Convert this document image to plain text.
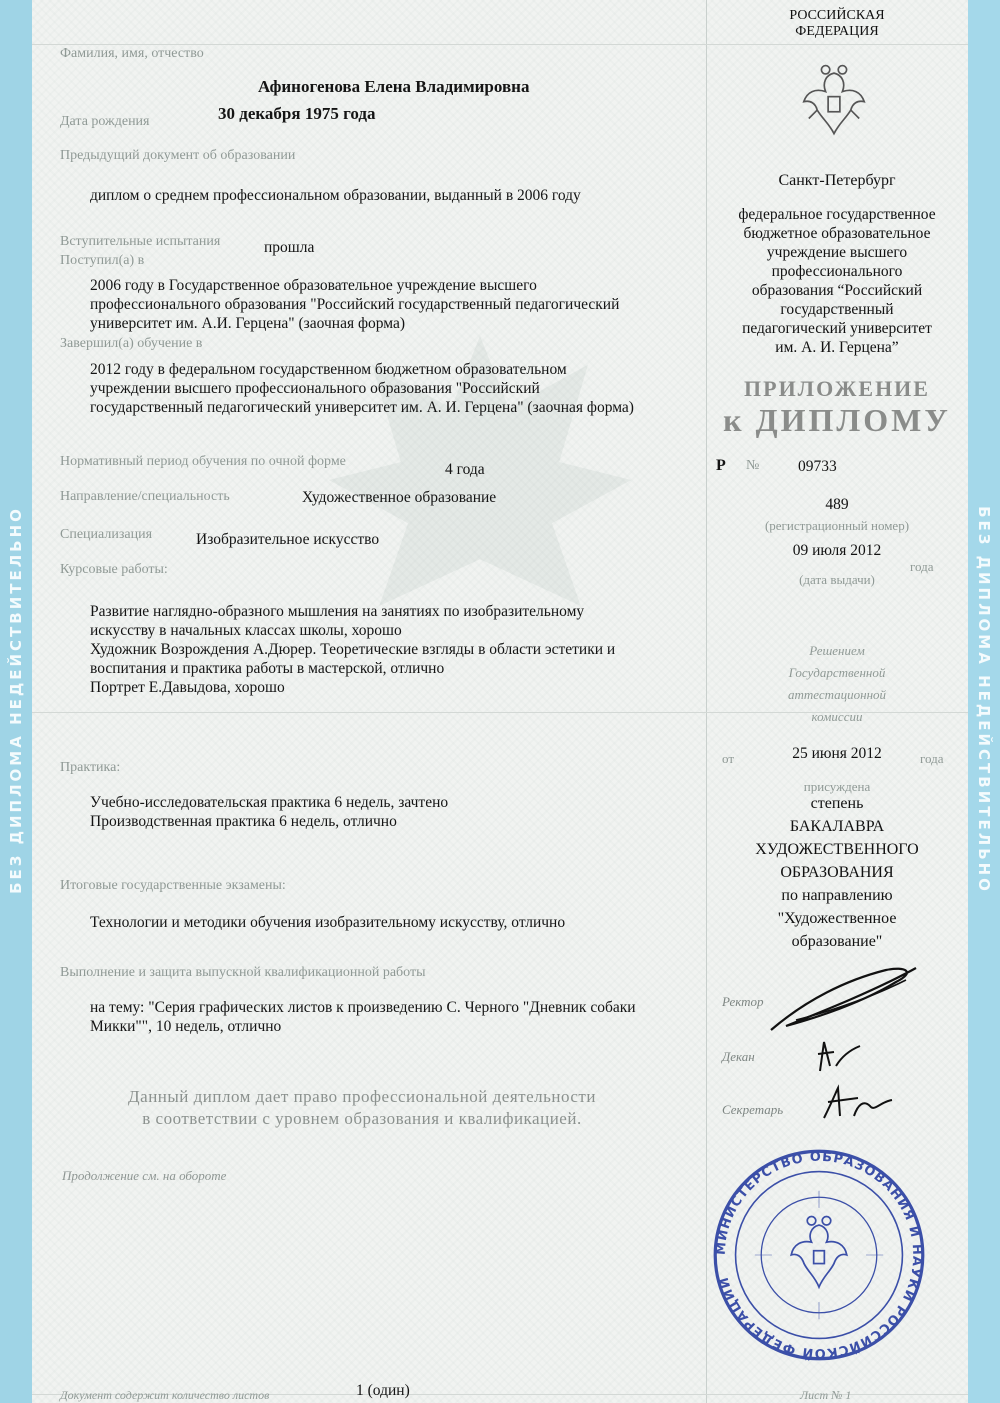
БЕЗ ДИПЛОМА НЕДЕЙСТВИТЕЛЬНО	БЕЗ ДИПЛОМА НЕДЕЙСТВИТЕЛЬНО
Фамилия, имя, отчество
Афиногенова Елена Владимировна
Дата рождения	30 декабря 1975 года
Предыдущий документ об образовании
диплом о среднем профессиональном образовании, выданный в 2006 году
Вступительные испытания	прошла
Поступил(а) в
2006 году в Государственное образовательное учреждение высшего
профессионального образования "Российский государственный педагогический
университет им. А.И. Герцена" (заочная форма)
Завершил(а) обучение в
2012 году в федеральном государственном бюджетном образовательном
учреждении высшего профессионального образования "Российский
государственный педагогический университет им. А. И. Герцена" (заочная форма)
Нормативный период обучения по очной форме	4 года
Направление/специальность	Художественное образование
Специализация	Изобразительное искусство
Курсовые работы:
Развитие наглядно-образного мышления на занятиях по изобразительному
искусству в начальных классах школы, хорошо
Художник Возрождения А.Дюрер. Теоретические взгляды в области эстетики и
воспитания и практика работы в мастерской, отлично
Портрет Е.Давыдова, хорошо
Практика:
Учебно-исследовательская практика 6 недель, зачтено
Производственная практика 6 недель, отлично
Итоговые государственные экзамены:
Технологии и методики обучения изобразительному искусству, отлично
Выполнение и защита выпускной квалификационной работы
на тему: "Серия графических листов к произведению С. Черного "Дневник собаки
Микки"", 10 недель, отлично
Данный диплом дает право профессиональной деятельности
в соответствии с уровнем образования и квалификацией.
Продолжение см. на обороте
Документ содержит количество листов	1 (один)
РОССИЙСКАЯ
ФЕДЕРАЦИЯ
Санкт-Петербург
федеральное государственное
бюджетное образовательное
учреждение высшего
профессионального
образования “Российский
государственный
педагогический университет
им. А. И. Герцена”
ПРИЛОЖЕНИЕ
к ДИПЛОМУ
Р № 09733
489
(регистрационный номер)
09 июля 2012
года
(дата выдачи)
Решением
Государственной
аттестационной
комиссии
от	25 июня 2012	года
присуждена
степень
БАКАЛАВРА
ХУДОЖЕСТВЕННОГО
ОБРАЗОВАНИЯ
по направлению
"Художественное
образование"
Ректор
Декан
Секретарь
МИНИСТЕРСТВО ОБРАЗОВАНИЯ И НАУКИ РОССИЙСКОЙ ФЕДЕРАЦИИ
Лист № 1
